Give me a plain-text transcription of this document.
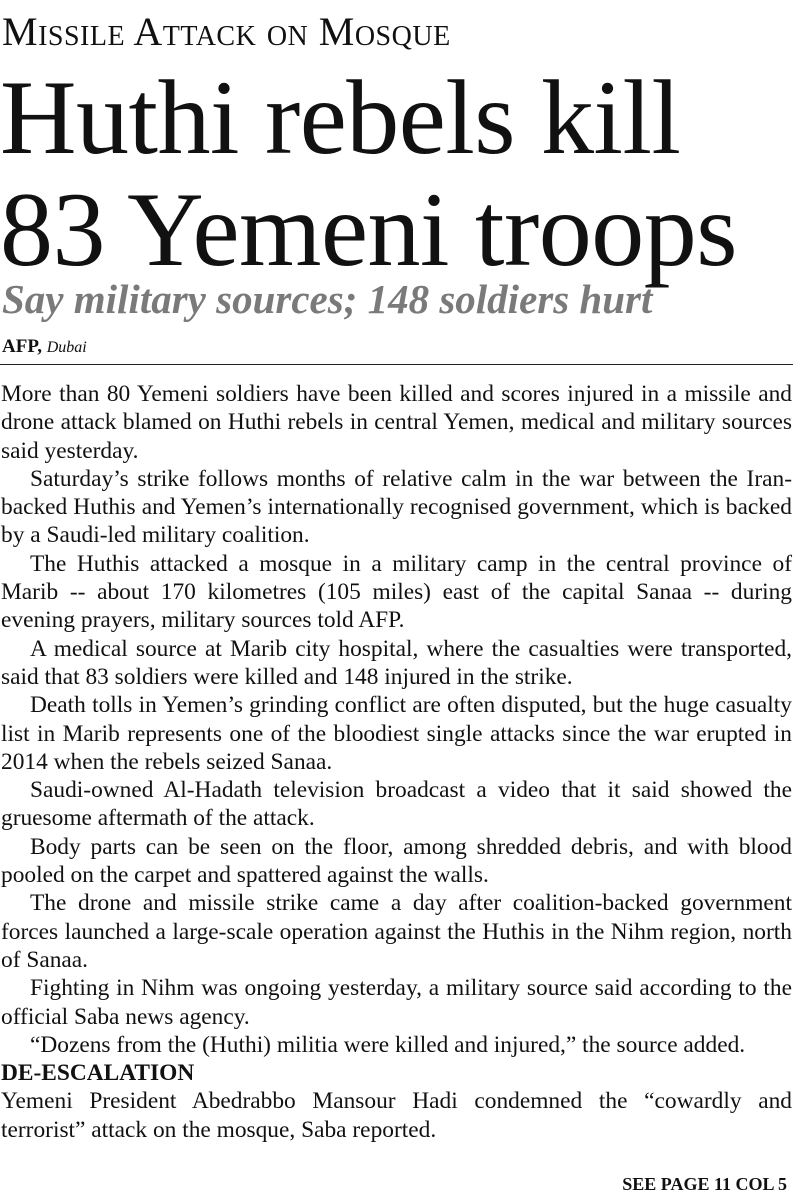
Missile Attack on Mosque
Huthi rebels kill
83 Yemeni troops
Say military sources; 148 soldiers hurt
AFP, Dubai

More than 80 Yemeni soldiers have been killed and scores injured in a missile and drone attack blamed on Huthi rebels in central Yemen, medical and military sources said yesterday.

Saturday’s strike follows months of relative calm in the war between the Iran-backed Huthis and Yemen’s internationally recognised government, which is backed by a Saudi-led military coalition.

The Huthis attacked a mosque in a military camp in the central province of Marib -- about 170 kilometres (105 miles) east of the capital Sanaa -- during evening prayers, military sources told AFP.

A medical source at Marib city hospital, where the casualties were transported, said that 83 soldiers were killed and 148 injured in the strike.

Death tolls in Yemen’s grinding conflict are often disputed, but the huge casualty list in Marib represents one of the bloodiest single attacks since the war erupted in 2014 when the rebels seized Sanaa.

Saudi-owned Al-Hadath television broadcast a video that it said showed the gruesome aftermath of the attack.

Body parts can be seen on the floor, among shredded debris, and with blood pooled on the carpet and spattered against the walls.

The drone and missile strike came a day after coalition-backed government forces launched a large-scale operation against the Huthis in the Nihm region, north of Sanaa.

Fighting in Nihm was ongoing yesterday, a military source said according to the official Saba news agency.

“Dozens from the (Huthi) militia were killed and injured,” the source added.

DE-ESCALATION

Yemeni President Abedrabbo Mansour Hadi condemned the “cowardly and terrorist” attack on the mosque, Saba reported.

SEE PAGE 11 COL 5
